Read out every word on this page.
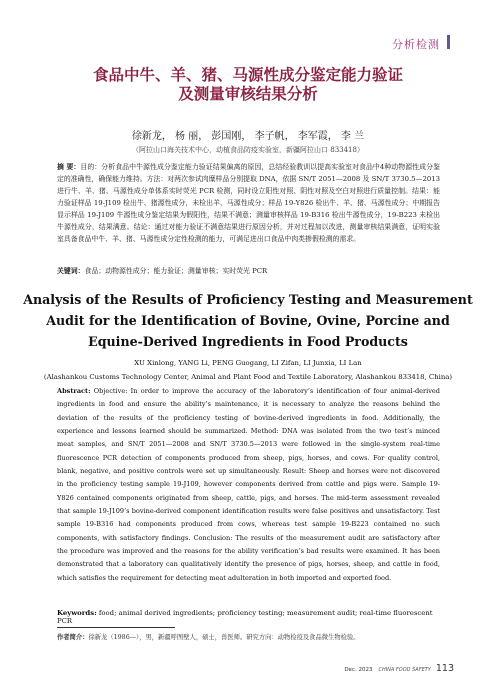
分析检测
食品中牛、羊、猪、马源性成分鉴定能力验证
及测量审核结果分析
徐新龙， 杨 丽， 彭国刚， 李子帆， 李军霞， 李 兰
（阿拉山口海关技术中心，动植食品防疫实验室，新疆阿拉山口 833418）
摘 要：目的：分析食品中牛源性成分鉴定能力验证结果偏离的原因，总结经验教训以提高实验室对食品中4种动物源性成分鉴定的准确性，确保能力维持。方法：对两次参试肉糜样品分别提取 DNA，依据 SN/T 2051—2008 及 SN/T 3730.5—2013 进行牛、羊、猪、马源性成分单体系实时荧光 PCR 检测，同时设立阳性对照、阴性对照及空白对照进行质量控制。结果：能力验证样品 19-J109 检出牛、猪源性成分，未检出羊、马源性成分；样品 19-Y826 检出牛、羊、猪、马源性成分；中期报告显示样品 19-J109 牛源性成分鉴定结果为假阳性，结果不满意；测量审核样品 19-B316 检出牛源性成分，19-B223 未检出牛源性成分，结果满意。结论：通过对能力验证不满意结果进行原因分析，并对过程加以改进，测量审核结果满意，证明实验室具备食品中牛、羊、猪、马源性成分定性检测的能力，可满足进出口食品中肉类掺假检测的需求。
关键词：食品；动物源性成分；能力验证；测量审核；实时荧光 PCR
Analysis of the Results of Proficiency Testing and Measurement
Audit for the Identification of Bovine, Ovine, Porcine and
Equine-Derived Ingredients in Food Products
XU Xinlong, YANG Li, PENG Guogang, LI Zifan, LI Junxia, LI Lan
(Alashankou Customs Technology Center, Animal and Plant Food and Textile Laboratory, Alashankou 833418, China)
Abstract: Objective: In order to improve the accuracy of the laboratory’s identification of four animal-derived ingredients in food and ensure the ability’s maintenance, it is necessary to analyze the reasons behind the deviation of the results of the proficiency testing of bovine-derived ingredients in food. Additionally, the experience and lessons learned should be summarized. Method: DNA was isolated from the two test’s minced meat samples, and SN/T 2051—2008 and SN/T 3730.5—2013 were followed in the single-system real-time fluorescence PCR detection of components produced from sheep, pigs, horses, and cows. For quality control, blank, negative, and positive controls were set up simultaneously. Result: Sheep and horses were not discovered in the proficiency testing sample 19-J109, however components derived from cattle and pigs were. Sample 19-Y826 contained components originated from sheep, cattle, pigs, and horses. The mid-term assessment revealed that sample 19-J109’s bovine-derived component identification results were false positives and unsatisfactory. Test sample 19-B316 had components produced from cows, whereas test sample 19-B223 contained no such components, with satisfactory findings. Conclusion: The results of the measurement audit are satisfactory after the procedure was improved and the reasons for the ability verification’s bad results were examined. It has been demonstrated that a laboratory can qualitatively identify the presence of pigs, horses, sheep, and cattle in food, which satisfies the requirement for detecting meat adulteration in both imported and exported food.
Keywords: food; animal derived ingredients; proficiency testing; measurement audit; real-time fluorescent PCR
作者简介：徐新龙（1986—），男，新疆呼图壁人，硕士，兽医师。研究方向：动物检疫及食品微生物检验。
Dec. 2023 CHINA FOOD SAFETY 113
